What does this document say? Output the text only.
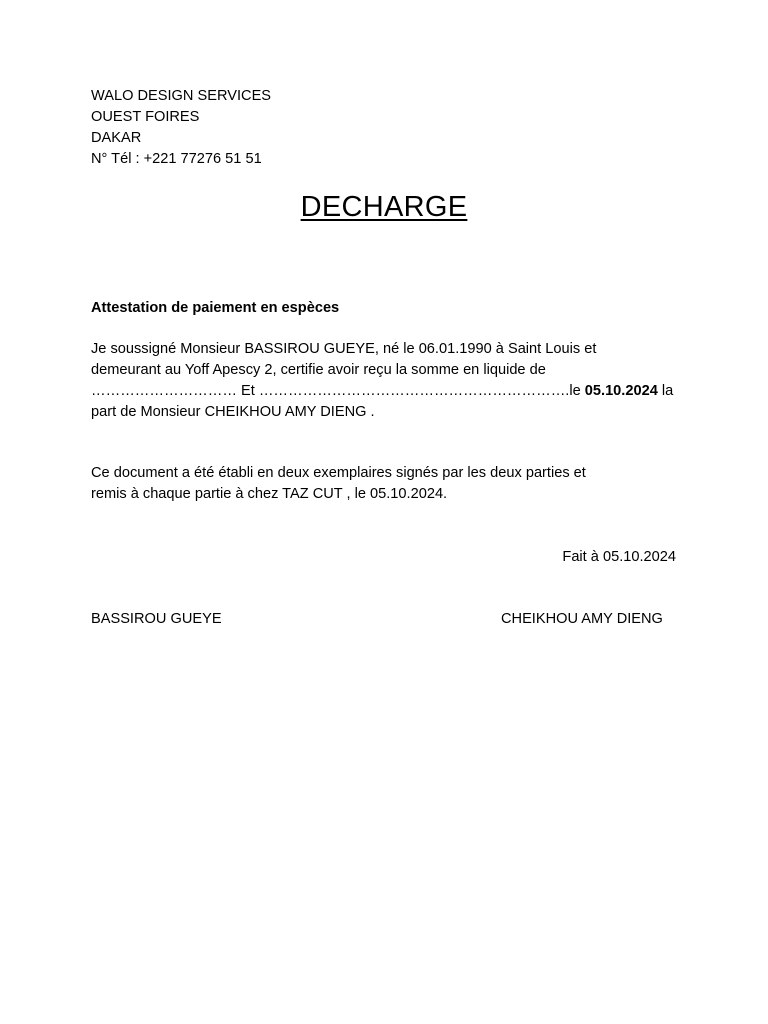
WALO DESIGN SERVICES
OUEST FOIRES
DAKAR
N° Tél : +221 77276 51 51
DECHARGE
Attestation de paiement en espèces
Je soussigné Monsieur BASSIROU GUEYE, né le 06.01.1990 à Saint Louis et
demeurant au Yoff Apescy 2, certifie avoir reçu la somme en liquide de
………………………… Et ……………………………………………………….le 05.10.2024 la
part de Monsieur CHEIKHOU AMY DIENG .
Ce document a été établi en deux exemplaires signés par les deux parties et
remis à chaque partie à chez TAZ CUT , le 05.10.2024.
Fait à 05.10.2024
BASSIROU GUEYE	CHEIKHOU AMY DIENG
